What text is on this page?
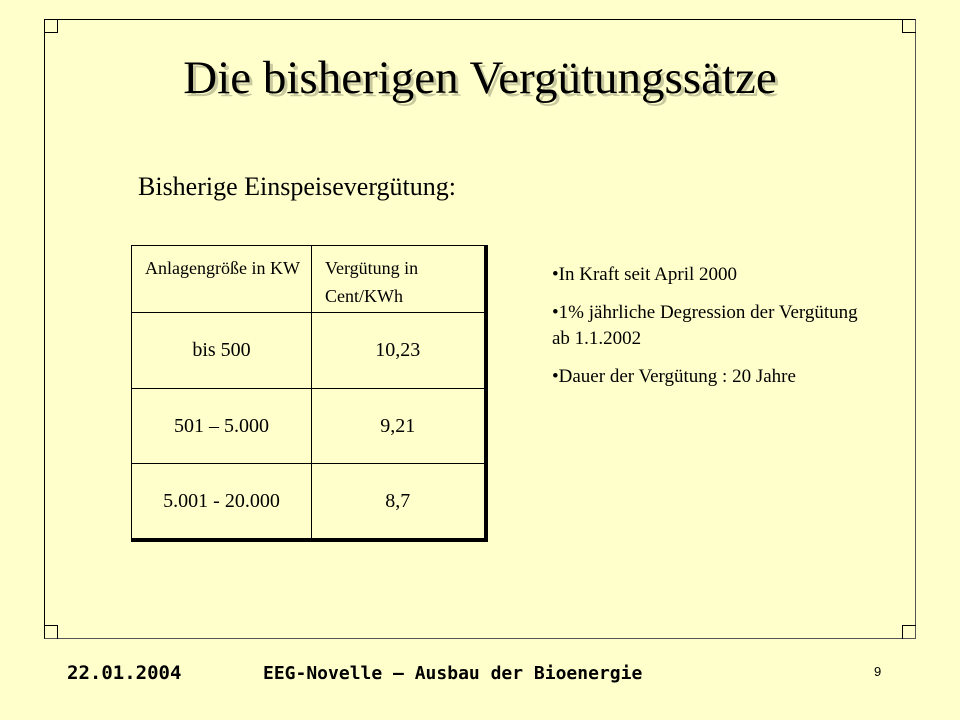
Die bisherigen Vergütungssätze
Bisherige Einspeisevergütung:
Anlagengröße in KW	Vergütung in Cent/KWh
bis 500	10,23
501 – 5.000	9,21
5.001 - 20.000	8,7
• In Kraft seit April 2000
• 1% jährliche Degression der Vergütung ab 1.1.2002
• Dauer der Vergütung : 20 Jahre
22.01.2004	EEG-Novelle – Ausbau der Bioenergie	9
